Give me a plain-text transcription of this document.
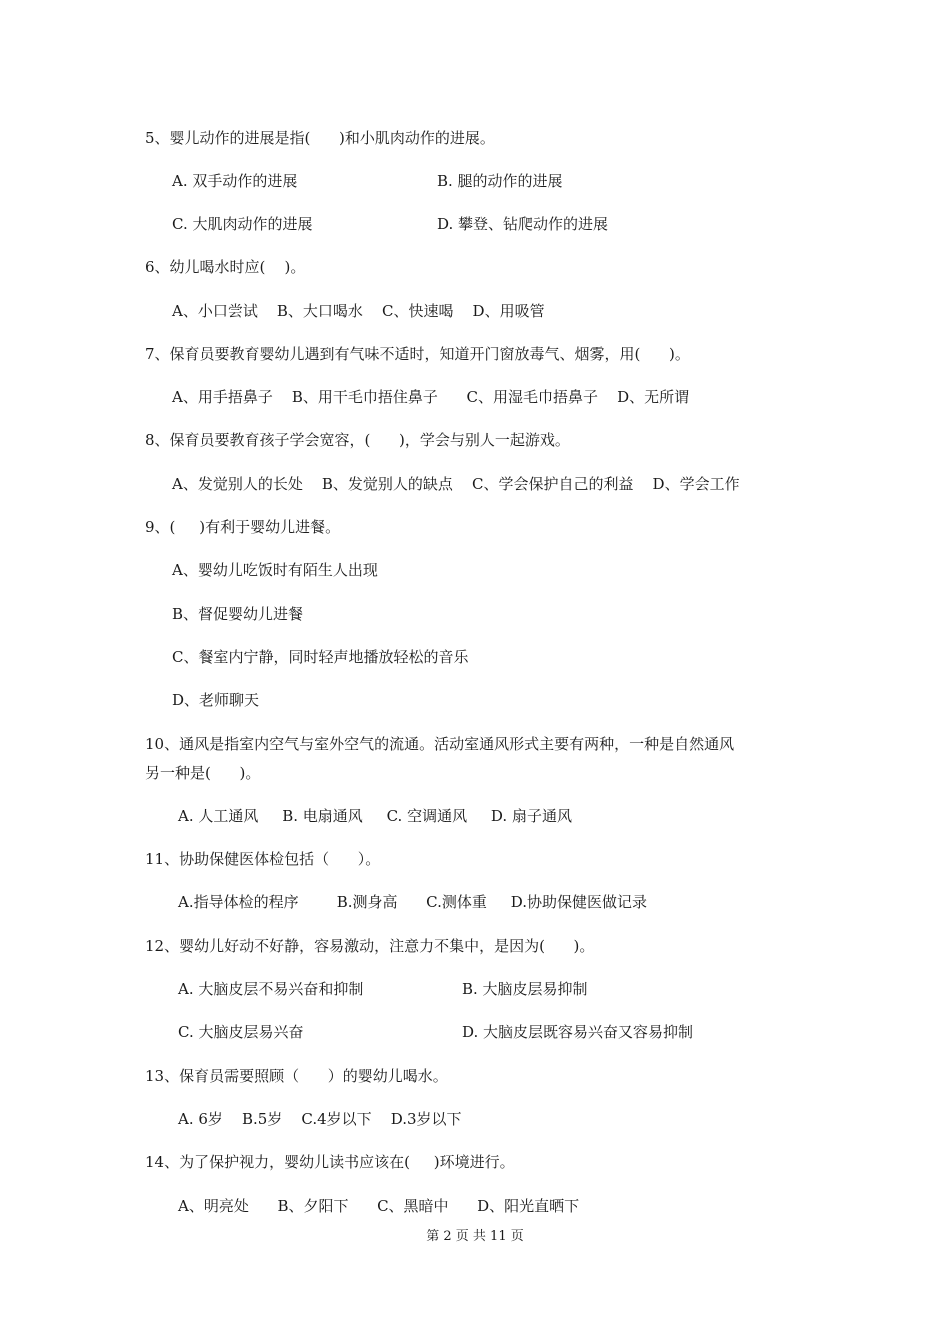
5、婴儿动作的进展是指(      )和小肌肉动作的进展。
A. 双手动作的进展	B. 腿的动作的进展
C. 大肌肉动作的进展	D. 攀登、钻爬动作的进展
6、幼儿喝水时应(    )。
A、小口尝试    B、大口喝水    C、快速喝    D、用吸管
7、保育员要教育婴幼儿遇到有气味不适时，知道开门窗放毒气、烟雾，用(      )。
A、用手捂鼻子    B、用干毛巾捂住鼻子      C、用湿毛巾捂鼻子    D、无所谓
8、保育员要教育孩子学会宽容，(      )，学会与别人一起游戏。
A、发觉别人的长处    B、发觉别人的缺点    C、学会保护自己的利益    D、学会工作
9、(     )有利于婴幼儿进餐。
A、婴幼儿吃饭时有陌生人出现
B、督促婴幼儿进餐
C、餐室内宁静，同时轻声地播放轻松的音乐
D、老师聊天
10、通风是指室内空气与室外空气的流通。活动室通风形式主要有两种，一种是自然通风
另一种是(      )。
A. 人工通风     B. 电扇通风     C. 空调通风     D. 扇子通风
11、协助保健医体检包括（      ）。
A.指导体检的程序        B.测身高      C.测体重     D.协助保健医做记录
12、婴幼儿好动不好静，容易激动，注意力不集中，是因为(      )。
A. 大脑皮层不易兴奋和抑制	B. 大脑皮层易抑制
C. 大脑皮层易兴奋	D. 大脑皮层既容易兴奋又容易抑制
13、保育员需要照顾（      ）的婴幼儿喝水。
A. 6岁    B.5岁    C.4岁以下    D.3岁以下
14、为了保护视力，婴幼儿读书应该在(     )环境进行。
A、明亮处      B、夕阳下      C、黑暗中      D、阳光直晒下
第 2 页 共 11 页
